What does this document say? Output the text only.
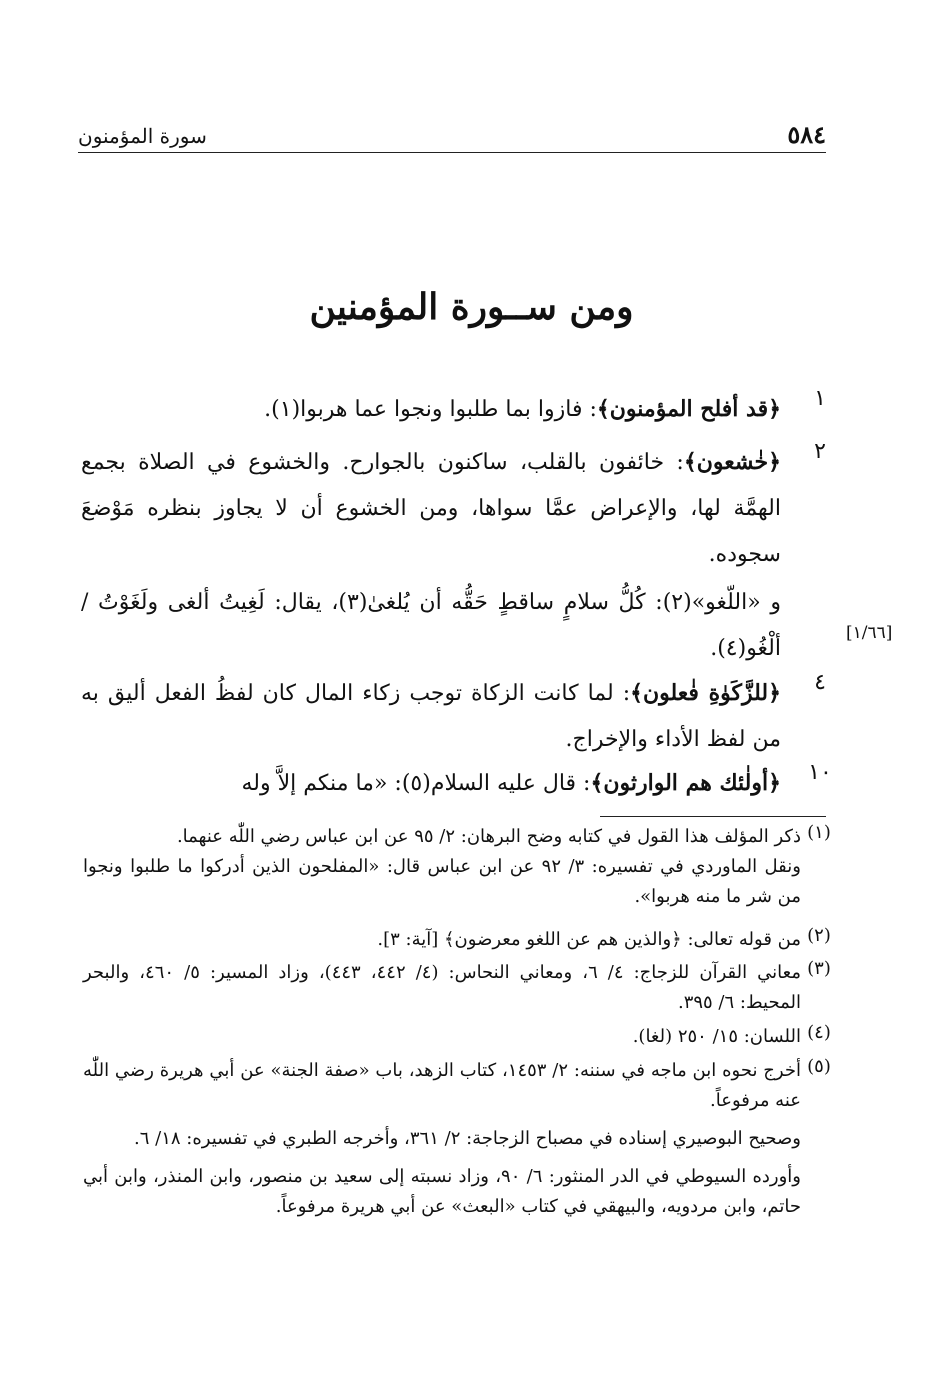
٥٨٤
سورة المؤمنون
ومن ســورة المؤمنين
١
﴿قد أفلح المؤمنون﴾: فازوا بما طلبوا ونجوا عما هربوا(١).
٢
﴿خٰشعون﴾: خائفون بالقلب، ساكنون بالجوارح. والخشوع في الصلاة بجمع الهمَّة لها، والإعراض عمَّا سواها، ومن الخشوع أن لا يجاوز بنظره مَوْضعَ سجوده.
و «اللّغو»(٢): كُلُّ سلامٍ ساقطٍ حَقُّه أن يُلغىٰ(٣)، يقال: لَغِيتُ ألغى ولَغَوْتُ / ألْغُو(٤).
[١/٦٦]
٤
﴿للزَّكَوٰةِ فٰعلون﴾: لما كانت الزكاة توجب زكاء المال كان لفظُ الفعل أليق به من لفظ الأداء والإخراج.
١٠
﴿أولٰئك هم الوارثون﴾: قال عليه السلام(٥): «ما منكم إلاَّ وله
(١)
ذكر المؤلف هذا القول في كتابه وضح البرهان: ٢/ ٩٥ عن ابن عباس رضي اللّٰه عنهما.
ونقل الماوردي في تفسيره: ٣/ ٩٢ عن ابن عباس قال: «المفلحون الذين أدركوا ما طلبوا ونجوا من شر ما منه هربوا».
(٢)
من قوله تعالى: ﴿والذين هم عن اللغو معرضون﴾ [آية: ٣].
(٣)
معاني القرآن للزجاج: ٤/ ٦، ومعاني النحاس: (٤/ ٤٤٢، ٤٤٣)، وزاد المسير: ٥/ ٤٦٠، والبحر المحيط: ٦/ ٣٩٥.
(٤)
اللسان: ١٥/ ٢٥٠ (لغا).
(٥)
أخرج نحوه ابن ماجه في سننه: ٢/ ١٤٥٣، كتاب الزهد، باب «صفة الجنة» عن أبي هريرة رضي اللّٰه عنه مرفوعاً.
وصحيح البوصيري إسناده في مصباح الزجاجة: ٢/ ٣٦١، وأخرجه الطبري في تفسيره: ١٨/ ٦.
وأورده السيوطي في الدر المنثور: ٦/ ٩٠، وزاد نسبته إلى سعيد بن منصور، وابن المنذر، وابن أبي حاتم، وابن مردويه، والبيهقي في كتاب «البعث» عن أبي هريرة مرفوعاً.
